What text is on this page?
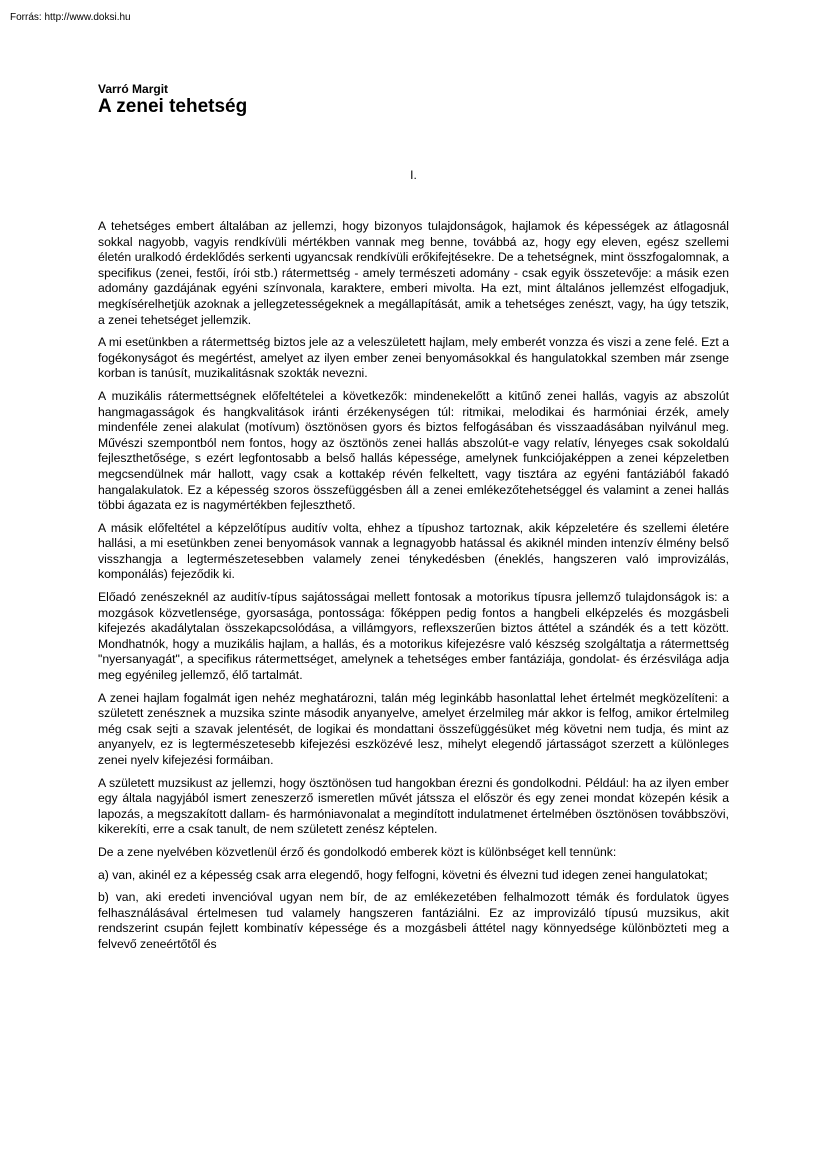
Forrás: http://www.doksi.hu
Varró Margit
A zenei tehetség
I.

A tehetséges embert általában az jellemzi, hogy bizonyos tulajdonságok, hajlamok és képességek az átlagosnál sokkal nagyobb, vagyis rendkívüli mértékben vannak meg benne, továbbá az, hogy egy eleven, egész szellemi életén uralkodó érdeklődés serkenti ugyancsak rendkívüli erőkifejtésekre. De a tehetségnek, mint összfogalomnak, a specifikus (zenei, festői, írói stb.) rátermettség - amely természeti adomány - csak egyik összetevője: a másik ezen adomány gazdájának egyéni színvonala, karaktere, emberi mivolta. Ha ezt, mint általános jellemzést elfogadjuk, megkísérelhetjük azoknak a jellegzetességeknek a megállapítását, amik a tehetséges zenészt, vagy, ha úgy tetszik, a zenei tehetséget jellemzik.

A mi esetünkben a rátermettség biztos jele az a veleszületett hajlam, mely emberét vonzza és viszi a zene felé. Ezt a fogékonyságot és megértést, amelyet az ilyen ember zenei benyomásokkal és hangulatokkal szemben már zsenge korban is tanúsít, muzikalitásnak szokták nevezni.

A muzikális rátermettségnek előfeltételei a következők: mindenekelőtt a kitűnő zenei hallás, vagyis az abszolút hangmagasságok és hangkvalitások iránti érzékenységen túl: ritmikai, melodikai és harmóniai érzék, amely mindenféle zenei alakulat (motívum) ösztönösen gyors és biztos felfogásában és visszaadásában nyilvánul meg. Művészi szempontból nem fontos, hogy az ösztönös zenei hallás abszolút-e vagy relatív, lényeges csak sokoldalú fejleszthetősége, s ezért legfontosabb a belső hallás képessége, amelynek funkciójaképpen a zenei képzeletben megcsendülnek már hallott, vagy csak a kottakép révén felkeltett, vagy tisztára az egyéni fantáziából fakadó hangalakulatok. Ez a képesség szoros összefüggésben áll a zenei emlékezőtehetséggel és valamint a zenei hallás többi ágazata ez is nagymértékben fejleszthető.

A másik előfeltétel a képzelőtípus auditív volta, ehhez a típushoz tartoznak, akik képzeletére és szellemi életére hallási, a mi esetünkben zenei benyomások vannak a legnagyobb hatással és akiknél minden intenzív élmény belső visszhangja a legtermészetesebben valamely zenei ténykedésben (éneklés, hangszeren való improvizálás, komponálás) fejeződik ki.

Előadó zenészeknél az auditív-típus sajátosságai mellett fontosak a motorikus típusra jellemző tulajdonságok is: a mozgások közvetlensége, gyorsasága, pontossága: főképpen pedig fontos a hangbeli elképzelés és mozgásbeli kifejezés akadálytalan összekapcsolódása, a villámgyors, reflexszerűen biztos áttétel a szándék és a tett között. Mondhatnók, hogy a muzikális hajlam, a hallás, és a motorikus kifejezésre való készség szolgáltatja a rátermettség "nyersanyagát", a specifikus rátermettséget, amelynek a tehetséges ember fantáziája, gondolat- és érzésvilága adja meg egyénileg jellemző, élő tartalmát.

A zenei hajlam fogalmát igen nehéz meghatározni, talán még leginkább hasonlattal lehet értelmét megközelíteni: a született zenésznek a muzsika szinte második anyanyelve, amelyet érzelmileg már akkor is felfog, amikor értelmileg még csak sejti a szavak jelentését, de logikai és mondattani összefüggésüket még követni nem tudja, és mint az anyanyelv, ez is legtermészetesebb kifejezési eszközévé lesz, mihelyt elegendő jártasságot szerzett a különleges zenei nyelv kifejezési formáiban.

A született muzsikust az jellemzi, hogy ösztönösen tud hangokban érezni és gondolkodni. Például: ha az ilyen ember egy általa nagyjából ismert zeneszerző ismeretlen művét játssza el először és egy zenei mondat közepén késik a lapozás, a megszakított dallam- és harmóniavonalat a megindított indulatmenet értelmében ösztönösen továbbszövi, kikerekíti, erre a csak tanult, de nem született zenész képtelen.

De a zene nyelvében közvetlenül érző és gondolkodó emberek közt is különbséget kell tennünk:

a) van, akinél ez a képesség csak arra elegendő, hogy felfogni, követni és élvezni tud idegen zenei hangulatokat;

b) van, aki eredeti invencióval ugyan nem bír, de az emlékezetében felhalmozott témák és fordulatok ügyes felhasználásával értelmesen tud valamely hangszeren fantáziálni. Ez az improvizáló típusú muzsikus, akit rendszerint csupán fejlett kombinatív képessége és a mozgásbeli áttétel nagy könnyedsége különbözteti meg a felvevő zeneértőtől és
